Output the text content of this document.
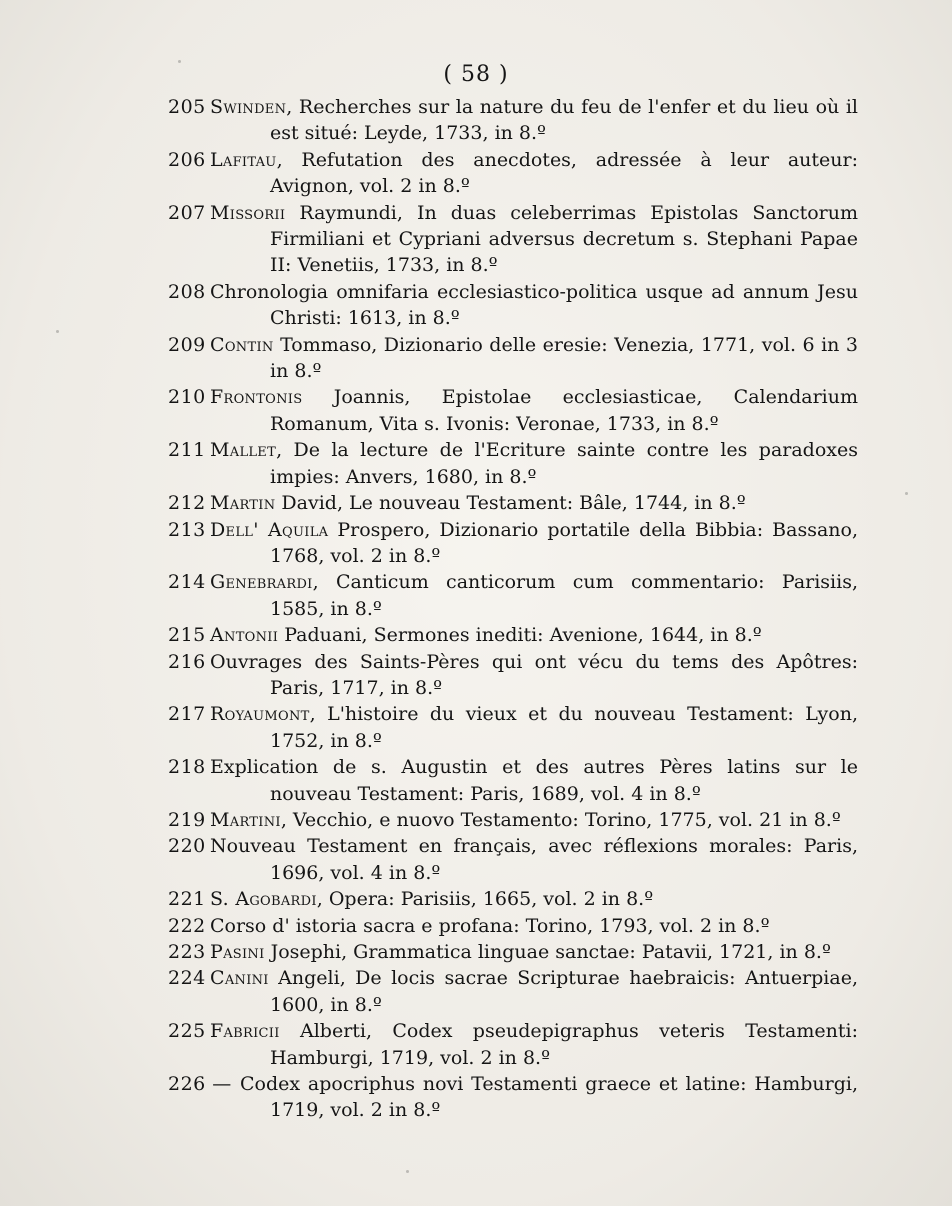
( 58 )

205 Swinden, Recherches sur la nature du feu de l'enfer et du lieu où il est situé: Leyde, 1733, in 8.º

206 Lafitau, Refutation des anecdotes, adressée à leur auteur: Avignon, vol. 2 in 8.º

207 Missorii Raymundi, In duas celeberrimas Epistolas Sanctorum Firmiliani et Cypriani adversus decretum s. Stephani Papae II: Venetiis, 1733, in 8.º

208 Chronologia omnifaria ecclesiastico-politica usque ad annum Jesu Christi: 1613, in 8.º

209 Contin Tommaso, Dizionario delle eresie: Venezia, 1771, vol. 6 in 3 in 8.º

210 Frontonis Joannis, Epistolae ecclesiasticae, Calendarium Romanum, Vita s. Ivonis: Veronae, 1733, in 8.º

211 Mallet, De la lecture de l'Ecriture sainte contre les paradoxes impies: Anvers, 1680, in 8.º

212 Martin David, Le nouveau Testament: Bâle, 1744, in 8.º

213 Dell' Aquila Prospero, Dizionario portatile della Bibbia: Bassano, 1768, vol. 2 in 8.º

214 Genebrardi, Canticum canticorum cum commentario: Parisiis, 1585, in 8.º

215 Antonii Paduani, Sermones inediti: Avenione, 1644, in 8.º

216 Ouvrages des Saints-Pères qui ont vécu du tems des Apôtres: Paris, 1717, in 8.º

217 Royaumont, L'histoire du vieux et du nouveau Testament: Lyon, 1752, in 8.º

218 Explication de s. Augustin et des autres Pères latins sur le nouveau Testament: Paris, 1689, vol. 4 in 8.º

219 Martini, Vecchio, e nuovo Testamento: Torino, 1775, vol. 21 in 8.º

220 Nouveau Testament en français, avec réflexions morales: Paris, 1696, vol. 4 in 8.º

221 S. Agobardi, Opera: Parisiis, 1665, vol. 2 in 8.º

222 Corso d' istoria sacra e profana: Torino, 1793, vol. 2 in 8.º

223 Pasini Josephi, Grammatica linguae sanctae: Patavii, 1721, in 8.º

224 Canini Angeli, De locis sacrae Scripturae haebraicis: Antuerpiae, 1600, in 8.º

225 Fabricii Alberti, Codex pseudepigraphus veteris Testamenti: Hamburgi, 1719, vol. 2 in 8.º

226 — Codex apocriphus novi Testamenti graece et latine: Hamburgi, 1719, vol. 2 in 8.º
